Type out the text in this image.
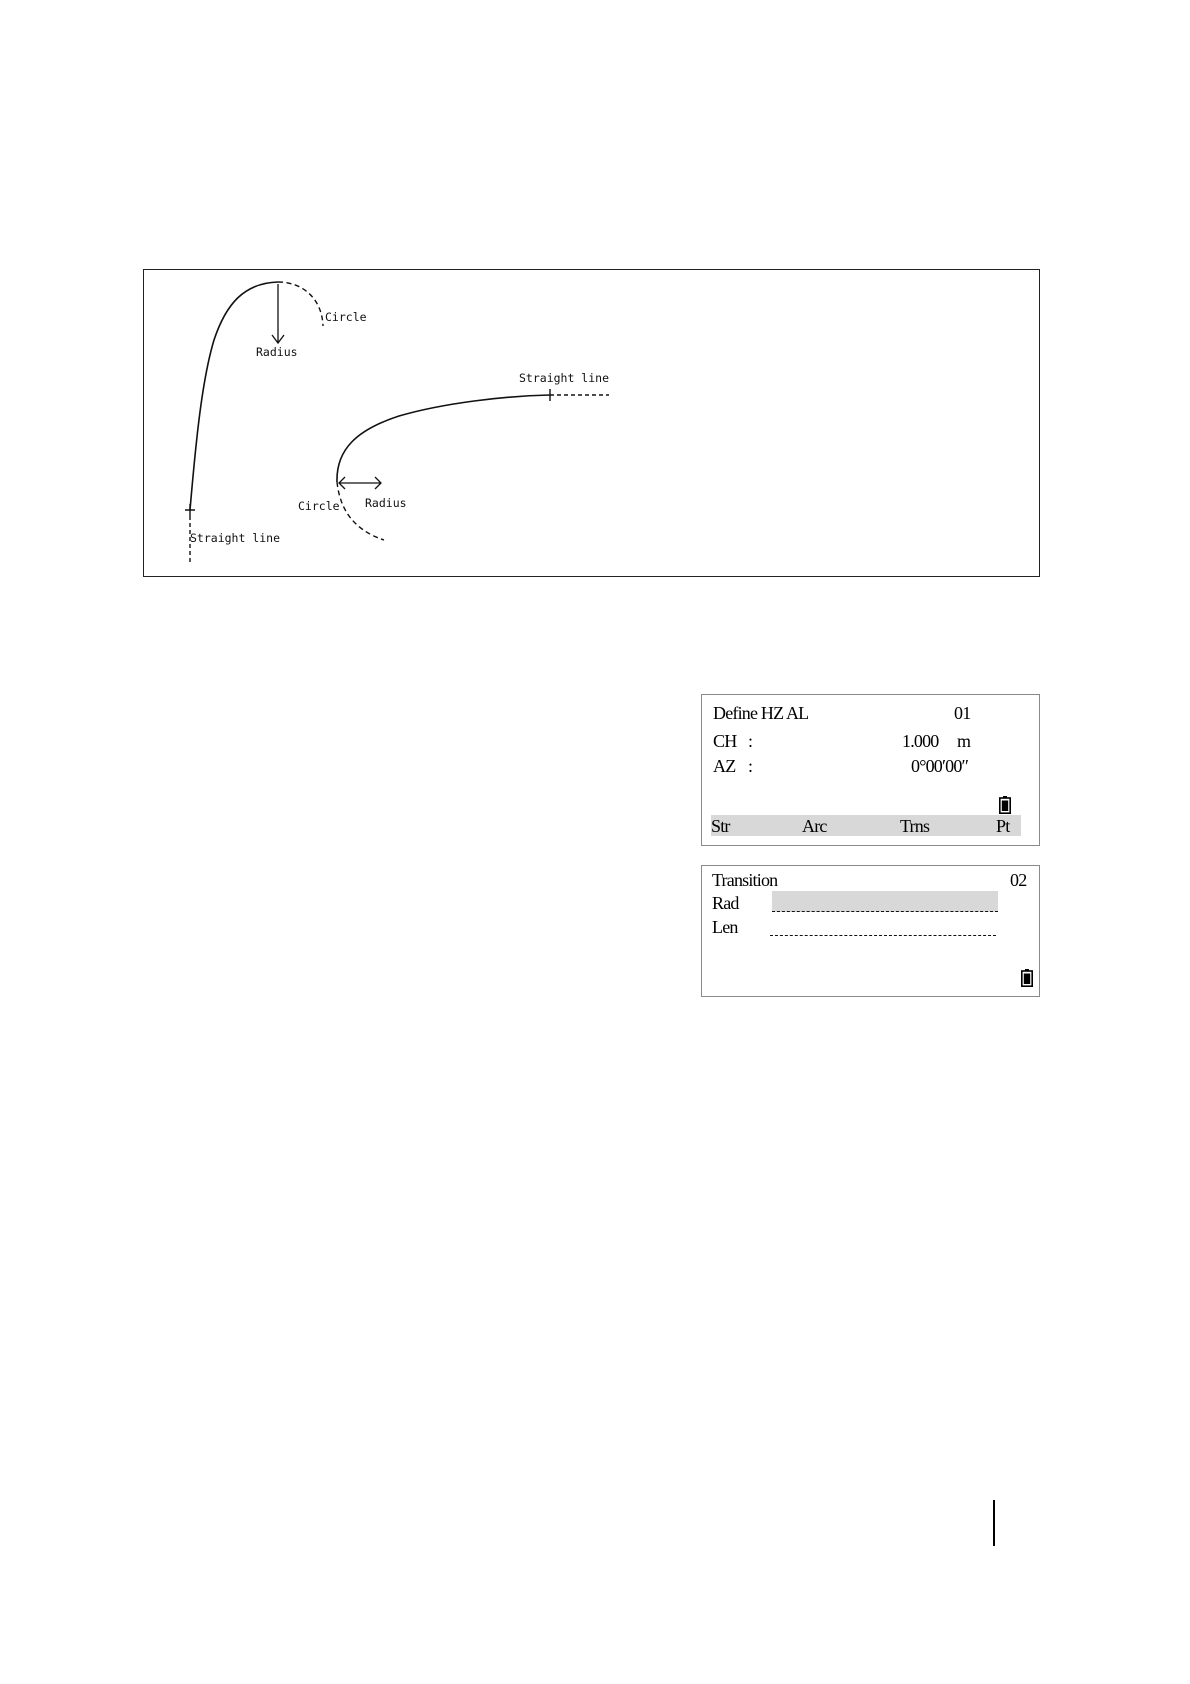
Circle
Radius
Straight line
Circle Radius
Straight line
Define HZ AL	01
CH :	1.000 m
AZ :	0°00′00″
Str	Arc	Trns	Pt
Transition	02
Rad
Len
